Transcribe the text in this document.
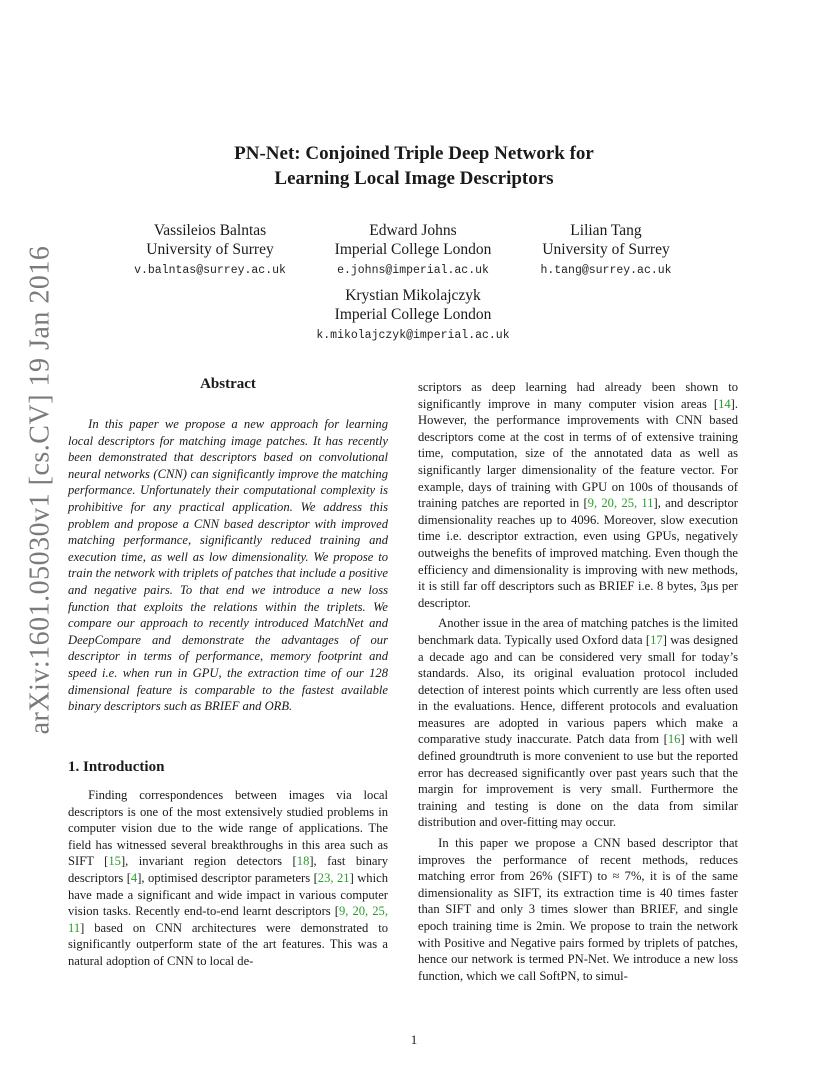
arXiv:1601.05030v1 [cs.CV] 19 Jan 2016
PN-Net: Conjoined Triple Deep Network for
Learning Local Image Descriptors
Vassileios Balntas
University of Surrey
v.balntas@surrey.ac.uk
Edward Johns
Imperial College London
e.johns@imperial.ac.uk
Lilian Tang
University of Surrey
h.tang@surrey.ac.uk
Krystian Mikolajczyk
Imperial College London
k.mikolajczyk@imperial.ac.uk
Abstract

In this paper we propose a new approach for learning local descriptors for matching image patches. It has recently been demonstrated that descriptors based on convolutional neural networks (CNN) can significantly improve the matching performance. Unfortunately their computational complexity is prohibitive for any practical application. We address this problem and propose a CNN based descriptor with improved matching performance, significantly reduced training and execution time, as well as low dimensionality. We propose to train the network with triplets of patches that include a positive and negative pairs. To that end we introduce a new loss function that exploits the relations within the triplets. We compare our approach to recently introduced MatchNet and DeepCompare and demonstrate the advantages of our descriptor in terms of performance, memory footprint and speed i.e. when run in GPU, the extraction time of our 128 dimensional feature is comparable to the fastest available binary descriptors such as BRIEF and ORB.

1. Introduction

Finding correspondences between images via local descriptors is one of the most extensively studied problems in computer vision due to the wide range of applications. The field has witnessed several breakthroughs in this area such as SIFT [15], invariant region detectors [18], fast binary descriptors [4], optimised descriptor parameters [23, 21] which have made a significant and wide impact in various computer vision tasks. Recently end-to-end learnt descriptors [9, 20, 25, 11] based on CNN architectures were demonstrated to significantly outperform state of the art features. This was a natural adoption of CNN to local de-

scriptors as deep learning had already been shown to significantly improve in many computer vision areas [14]. However, the performance improvements with CNN based descriptors come at the cost in terms of of extensive training time, computation, size of the annotated data as well as significantly larger dimensionality of the feature vector. For example, days of training with GPU on 100s of thousands of training patches are reported in [9, 20, 25, 11], and descriptor dimensionality reaches up to 4096. Moreover, slow execution time i.e. descriptor extraction, even using GPUs, negatively outweighs the benefits of improved matching. Even though the efficiency and dimensionality is improving with new methods, it is still far off descriptors such as BRIEF i.e. 8 bytes, 3μs per descriptor.

Another issue in the area of matching patches is the limited benchmark data. Typically used Oxford data [17] was designed a decade ago and can be considered very small for today’s standards. Also, its original evaluation protocol included detection of interest points which currently are less often used in the evaluations. Hence, different protocols and evaluation measures are adopted in various papers which make a comparative study inaccurate. Patch data from [16] with well defined groundtruth is more convenient to use but the reported error has decreased significantly over past years such that the margin for improvement is very small. Furthermore the training and testing is done on the data from similar distribution and over-fitting may occur.

In this paper we propose a CNN based descriptor that improves the performance of recent methods, reduces matching error from 26% (SIFT) to ≈ 7%, it is of the same dimensionality as SIFT, its extraction time is 40 times faster than SIFT and only 3 times slower than BRIEF, and single epoch training time is 2min. We propose to train the network with Positive and Negative pairs formed by triplets of patches, hence our network is termed PN-Net. We introduce a new loss function, which we call SoftPN, to simul-

1
